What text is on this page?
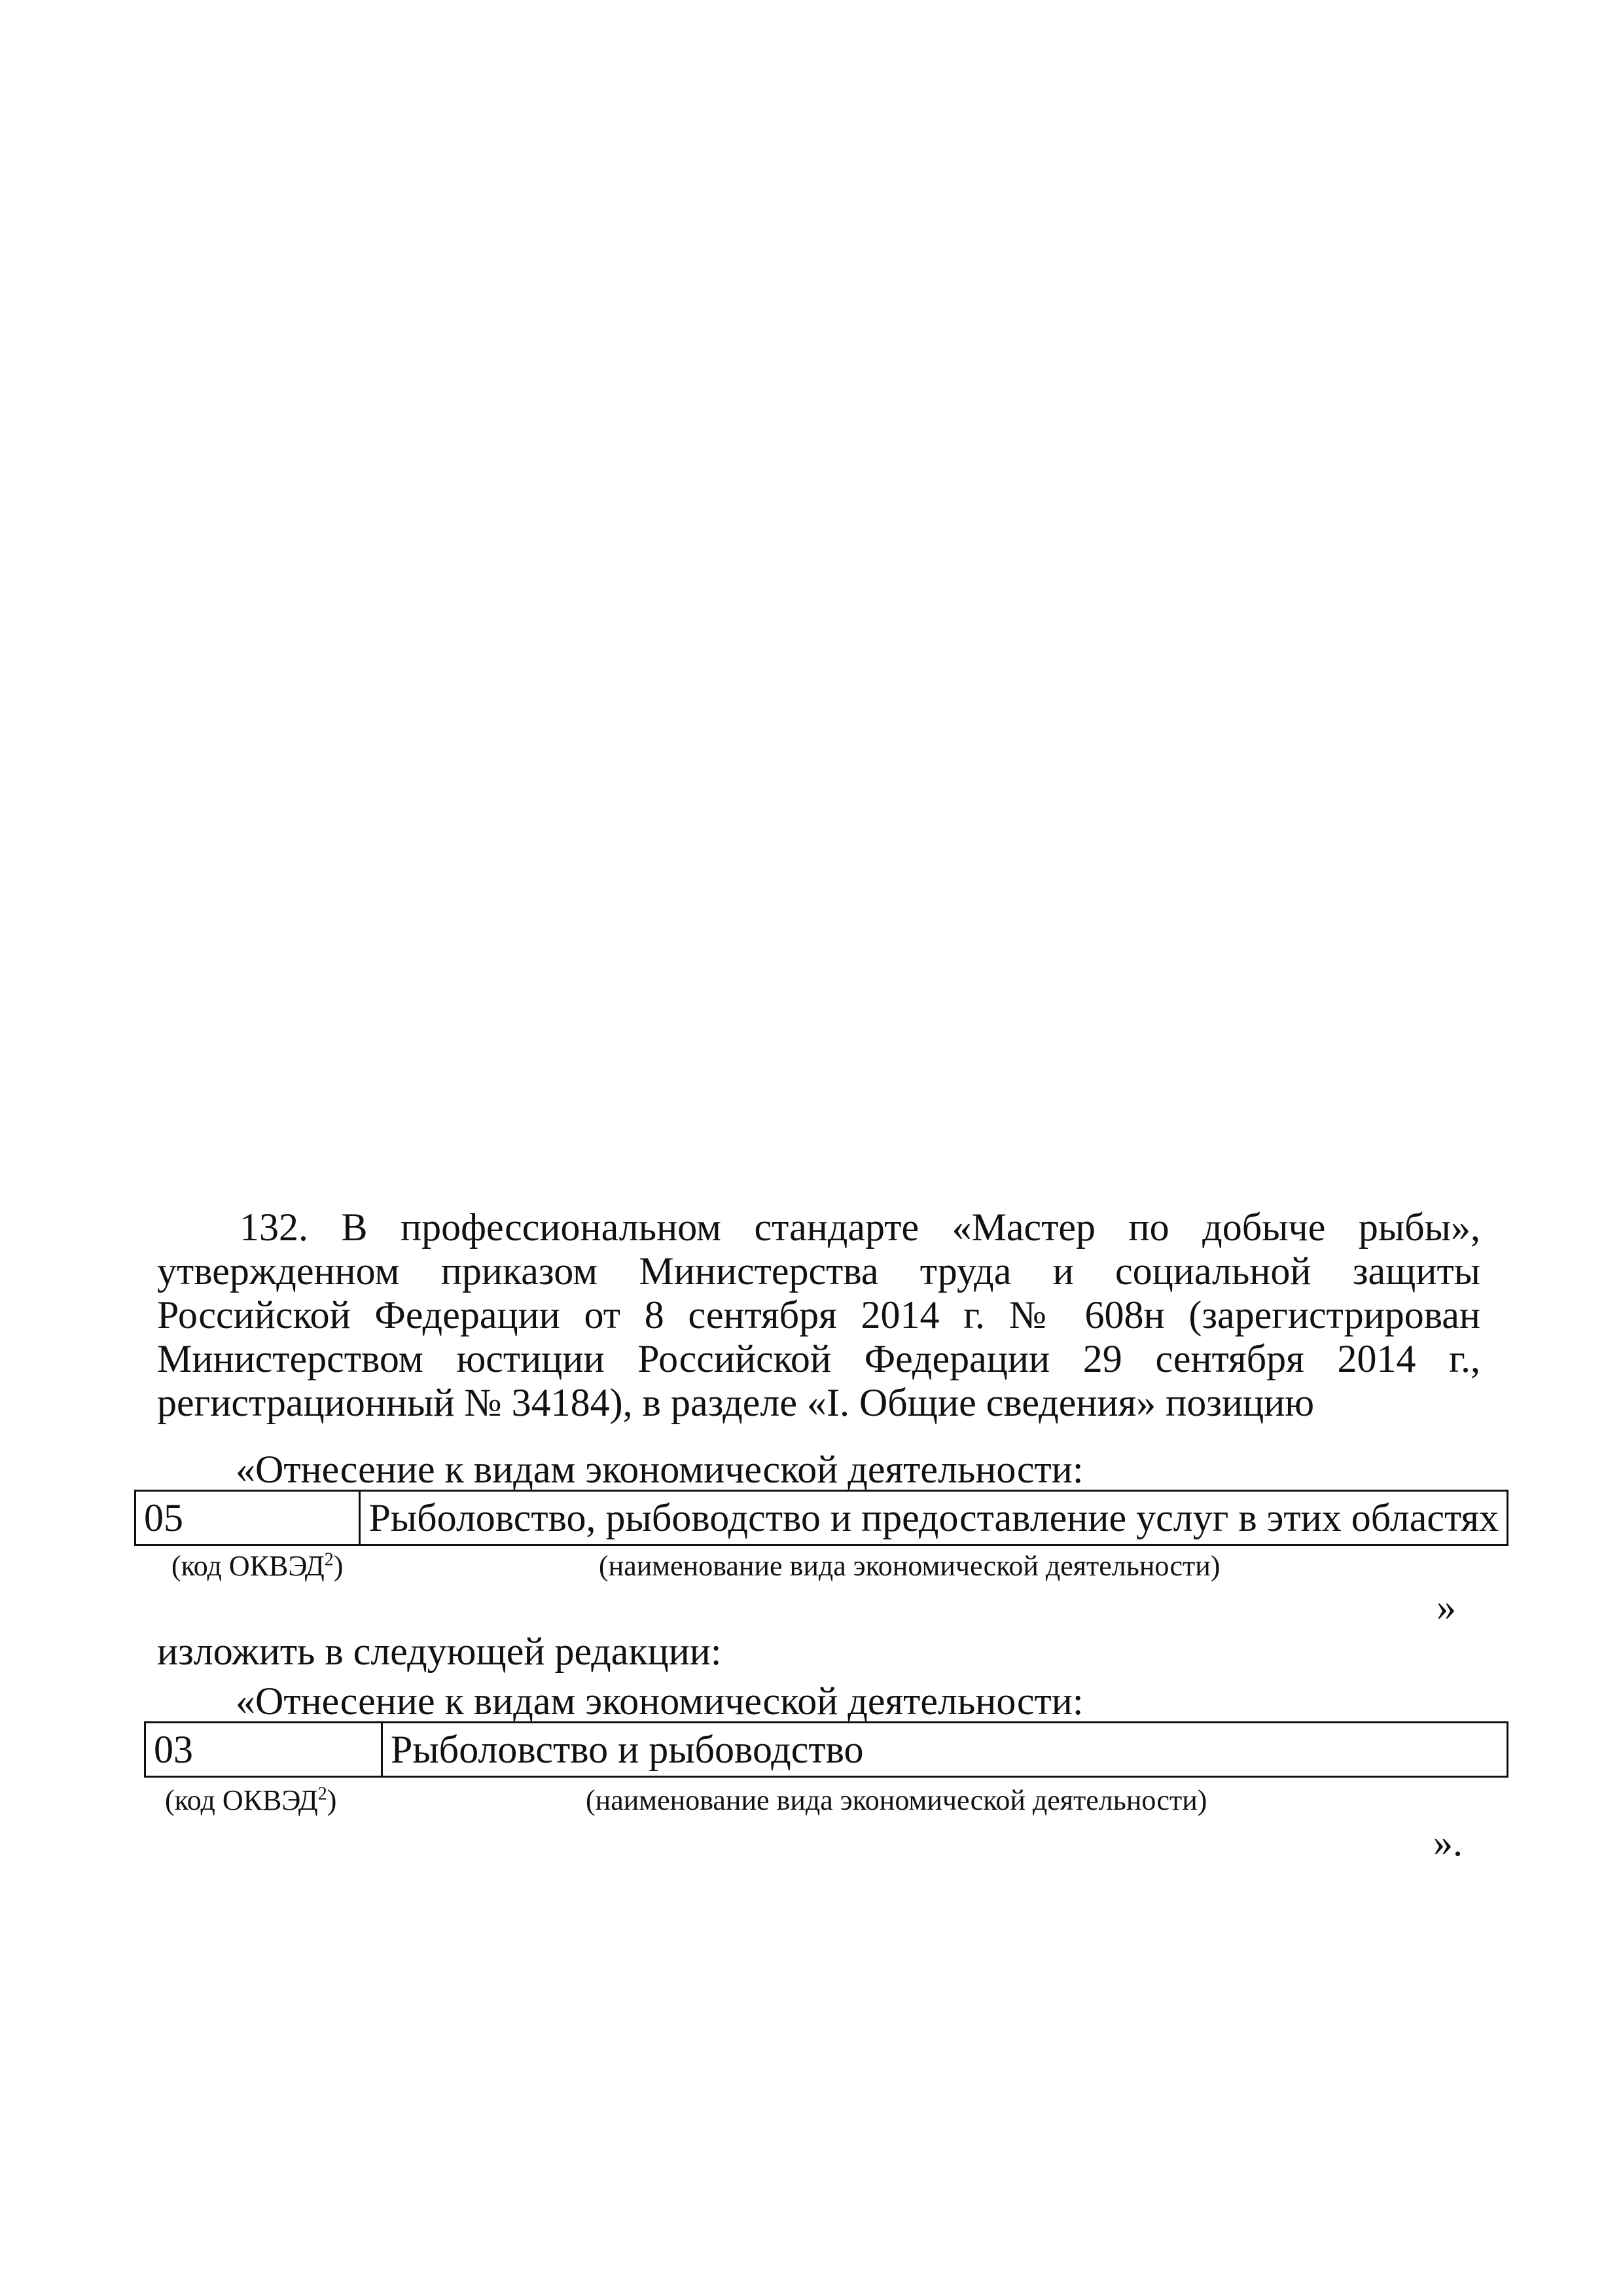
132. В профессиональном стандарте «Мастер по добыче рыбы», утвержденном приказом Министерства труда и социальной защиты Российской Федерации от 8 сентября 2014 г. № 608н (зарегистрирован Министерством юстиции Российской Федерации 29 сентября 2014 г., регистрационный № 34184), в разделе «I. Общие сведения» позицию

«Отнесение к видам экономической деятельности:

05	Рыболовство, рыбоводство и предоставление услуг в этих областях
(код ОКВЭД$^2$)	(наименование вида экономической деятельности)
»

изложить в следующей редакции:

«Отнесение к видам экономической деятельности:

03	Рыболовство и рыбоводство
(код ОКВЭД$^2$)	(наименование вида экономической деятельности)
».
